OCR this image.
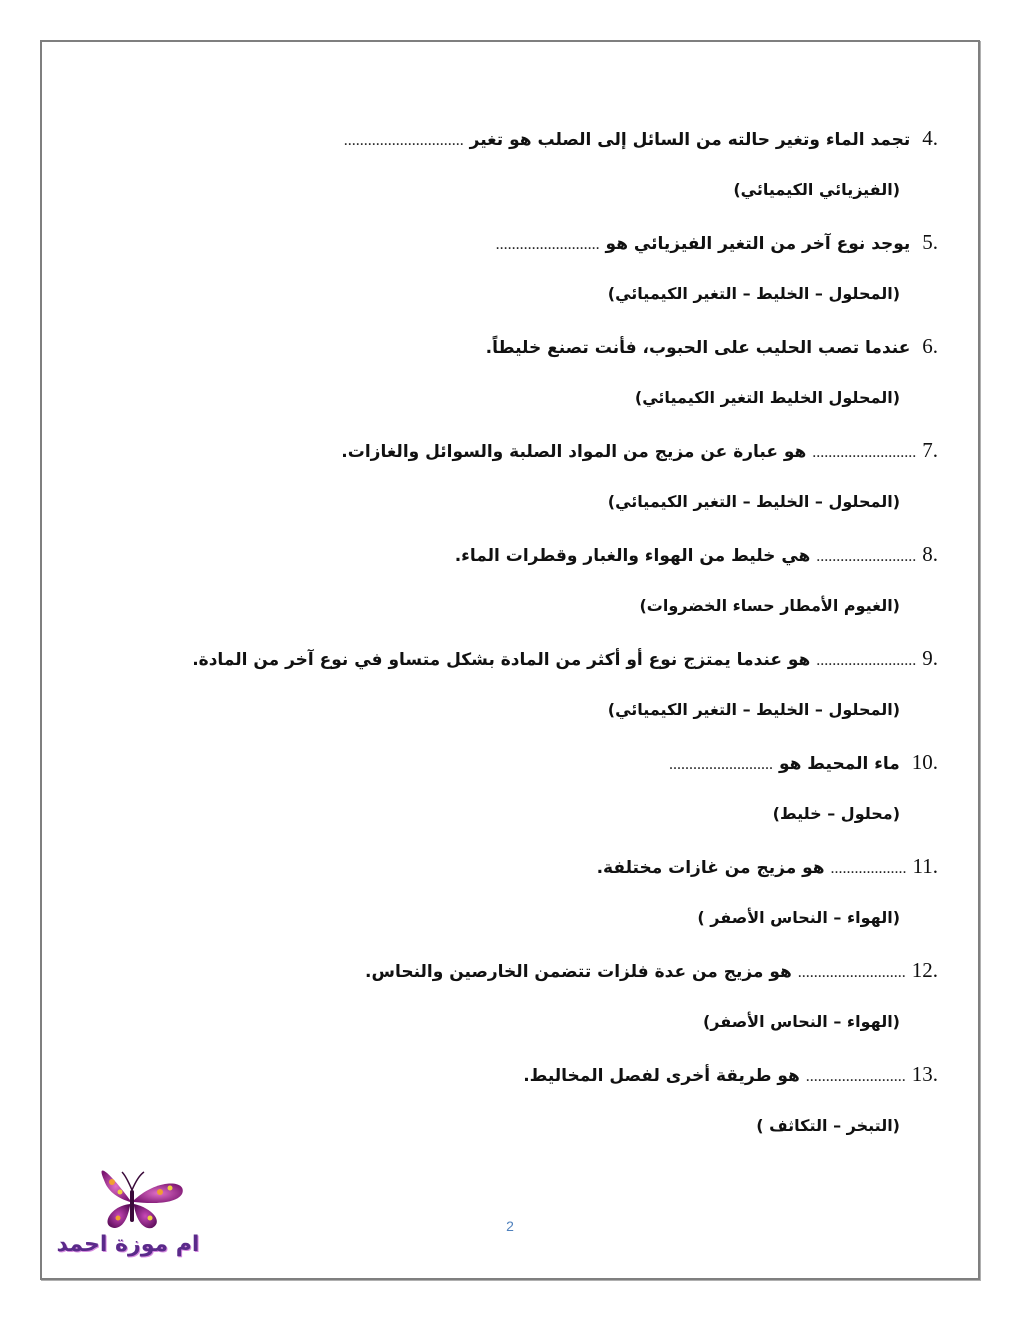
4. تجمد الماء وتغير حالته من السائل إلى الصلب هو تغير ..............................
(الفيزيائي الكيميائي)
5. يوجد نوع آخر من التغير الفيزيائي هو ..........................
(المحلول – الخليط – التغير الكيميائي)
6. عندما تصب الحليب على الحبوب، فأنت تصنع خليطاً.
(المحلول الخليط التغير الكيميائي)
7........................... هو عبارة عن مزيج من المواد الصلبة والسوائل والغازات.
(المحلول – الخليط – التغير الكيميائي)
8.......................... هي خليط من الهواء والغبار وقطرات الماء.
(الغيوم الأمطار حساء الخضروات)
9.......................... هو عندما يمتزج نوع أو أكثر من المادة بشكل متساو في نوع آخر من المادة.
(المحلول – الخليط – التغير الكيميائي)
10. ماء المحيط هو ..........................
(محلول – خليط)
11.................... هو مزيج من غازات مختلفة.
(الهواء – النحاس الأصفر )
12............................ هو مزيج من عدة فلزات تتضمن الخارصين والنحاس.
(الهواء – النحاس الأصفر)
13.......................... هو طريقة أخرى لفصل المخاليط.
(التبخر – التكاثف )
ام موزة احمد
2
